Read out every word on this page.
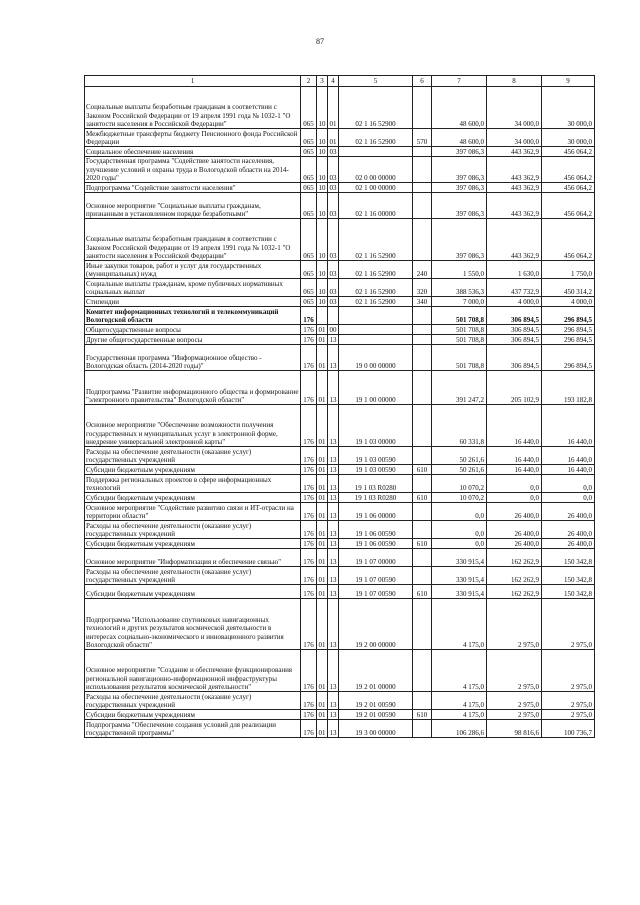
87
1	2	3	4	5	6	7	8	9
Социальные выплаты безработным гражданам в соответствии с Законом Российской Федерации от 19 апреля 1991 года № 1032-1 "О занятости населения в Российской Федерации"	065	10	01	02 1 16 52900		48 600,0	34 000,0	30 000,0
Межбюджетные трансферты бюджету Пенсионного фонда Российской Федерации	065	10	01	02 1 16 52900	570	48 600,0	34 000,0	30 000,0
Социальное обеспечение населения	065	10	03			397 086,3	443 362,9	456 064,2
Государственная программа "Содействие занятости населения, улучшение условий и охраны труда в Вологодской области на 2014-2020 годы"	065	10	03	02 0 00 00000		397 086,3	443 362,9	456 064,2
Подпрограмма "Содействие занятости населения"	065	10	03	02 1 00 00000		397 086,3	443 362,9	456 064,2
Основное мероприятие "Социальные выплаты гражданам, признанным в установленном порядке безработными"	065	10	03	02 1 16 00000		397 086,3	443 362,9	456 064,2
Социальные выплаты безработным гражданам в соответствии с Законом Российской Федерации от 19 апреля 1991 года № 1032-1 "О занятости населения в Российской Федерации"	065	10	03	02 1 16 52900		397 086,3	443 362,9	456 064,2
Иные закупки товаров, работ и услуг для государственных (муниципальных) нужд	065	10	03	02 1 16 52900	240	1 550,0	1 630,0	1 750,0
Социальные выплаты гражданам, кроме публичных нормативных социальных выплат	065	10	03	02 1 16 52900	320	388 536,3	437 732,9	450 314,2
Стипендии	065	10	03	02 1 16 52900	340	7 000,0	4 000,0	4 000,0
Комитет информационных технологий и телекоммуникаций Вологодской области	176					501 708,8	306 894,5	296 894,5
Общегосударственные вопросы	176	01	00			501 708,8	306 894,5	296 894,5
Другие общегосударственные вопросы	176	01	13			501 708,8	306 894,5	296 894,5
Государственная программа "Информационное общество - Вологодская область (2014-2020 годы)"	176	01	13	19 0 00 00000		501 708,8	306 894,5	296 894,5
Подпрограмма "Развитие информационного общества и формирование "электронного правительства" Вологодской области"	176	01	13	19 1 00 00000		391 247,2	205 102,9	193 182,8
Основное мероприятие "Обеспечение возможности получения государственных и муниципальных услуг в электронной форме, внедрение универсальной электронной карты"	176	01	13	19 1 03 00000		60 331,8	16 440,0	16 440,0
Расходы на обеспечение деятельности (оказание услуг) государственных учреждений	176	01	13	19 1 03 00590		50 261,6	16 440,0	16 440,0
Субсидии бюджетным учреждениям	176	01	13	19 1 03 00590	610	50 261,6	16 440,0	16 440,0
Поддержка региональных проектов в сфере информационных технологий	176	01	13	19 1 03 R0280		10 070,2	0,0	0,0
Субсидии бюджетным учреждениям	176	01	13	19 1 03 R0280	610	10 070,2	0,0	0,0
Основное мероприятие "Содействие развитию связи и ИТ-отрасли на территории области"	176	01	13	19 1 06 00000		0,0	26 400,0	26 400,0
Расходы на обеспечение деятельности (оказание услуг) государственных учреждений	176	01	13	19 1 06 00590		0,0	26 400,0	26 400,0
Субсидии бюджетным учреждениям	176	01	13	19 1 06 00590	610	0,0	26 400,0	26 400,0
Основное мероприятие "Информатизация и обеспечение связью"	176	01	13	19 1 07 00000		330 915,4	162 262,9	150 342,8
Расходы на обеспечение деятельности (оказание услуг) государственных учреждений	176	01	13	19 1 07 00590		330 915,4	162 262,9	150 342,8
Субсидии бюджетным учреждениям	176	01	13	19 1 07 00590	610	330 915,4	162 262,9	150 342,8
Подпрограмма "Использование спутниковых навигационных технологий и других результатов космической деятельности в интересах социально-экономического и инновационного развития Вологодской области"	176	01	13	19 2 00 00000		4 175,0	2 975,0	2 975,0
Основное мероприятие "Создание и обеспечение функционирования региональной навигационно-информационной инфраструктуры использования результатов космической деятельности"	176	01	13	19 2 01 00000		4 175,0	2 975,0	2 975,0
Расходы на обеспечение деятельности (оказание услуг) государственных учреждений	176	01	13	19 2 01 00590		4 175,0	2 975,0	2 975,0
Субсидии бюджетным учреждениям	176	01	13	19 2 01 00590	610	4 175,0	2 975,0	2 975,0
Подпрограмма "Обеспечение создания условий для реализации государственной программы"	176	01	13	19 3 00 00000		106 286,6	98 816,6	100 736,7
